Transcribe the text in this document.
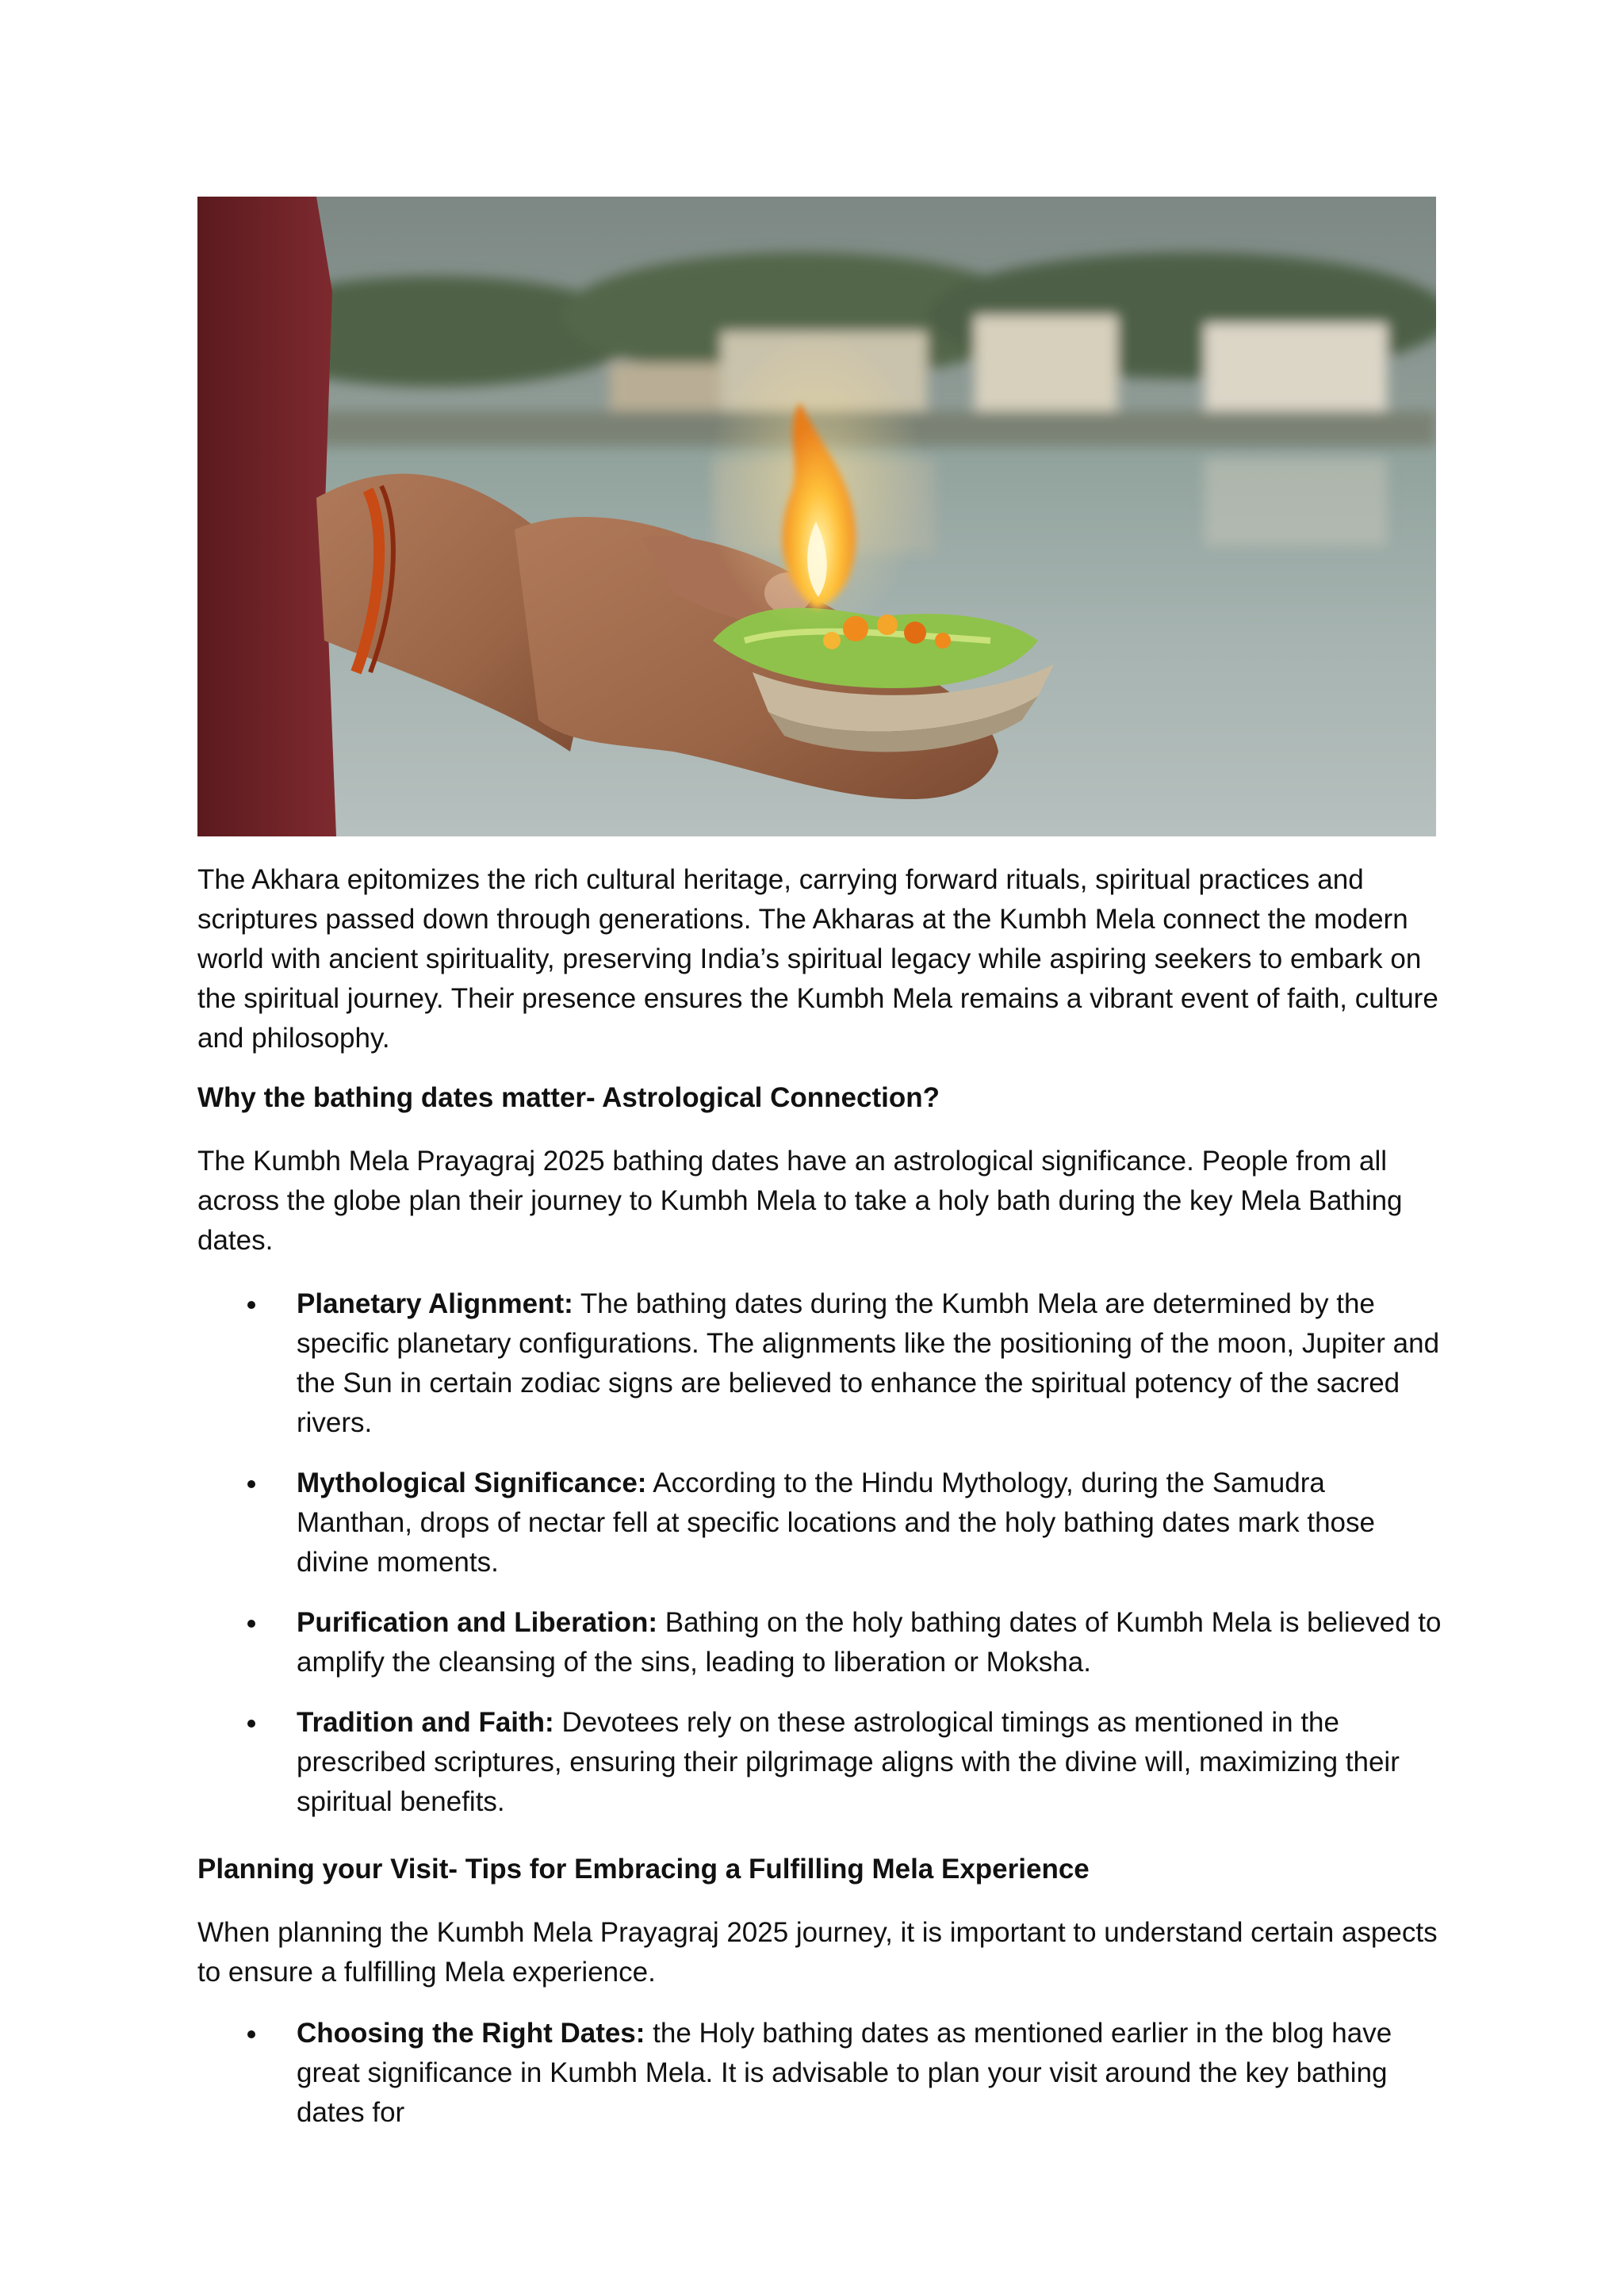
The Akhara epitomizes the rich cultural heritage, carrying forward rituals, spiritual practices and scriptures passed down through generations. The Akharas at the Kumbh Mela connect the modern world with ancient spirituality, preserving India’s spiritual legacy while aspiring seekers to embark on the spiritual journey. Their presence ensures the Kumbh Mela remains a vibrant event of faith, culture and philosophy.

Why the bathing dates matter- Astrological Connection?

The Kumbh Mela Prayagraj 2025 bathing dates have an astrological significance. People from all across the globe plan their journey to Kumbh Mela to take a holy bath during the key Mela Bathing dates.

Planetary Alignment: The bathing dates during the Kumbh Mela are determined by the specific planetary configurations. The alignments like the positioning of the moon, Jupiter and the Sun in certain zodiac signs are believed to enhance the spiritual potency of the sacred rivers.
Mythological Significance: According to the Hindu Mythology, during the Samudra Manthan, drops of nectar fell at specific locations and the holy bathing dates mark those divine moments.
Purification and Liberation: Bathing on the holy bathing dates of Kumbh Mela is believed to amplify the cleansing of the sins, leading to liberation or Moksha.
Tradition and Faith: Devotees rely on these astrological timings as mentioned in the prescribed scriptures, ensuring their pilgrimage aligns with the divine will, maximizing their spiritual benefits.

Planning your Visit- Tips for Embracing a Fulfilling Mela Experience

When planning the Kumbh Mela Prayagraj 2025 journey, it is important to understand certain aspects to ensure a fulfilling Mela experience.

Choosing the Right Dates: the Holy bathing dates as mentioned earlier in the blog have great significance in Kumbh Mela. It is advisable to plan your visit around the key bathing dates for
